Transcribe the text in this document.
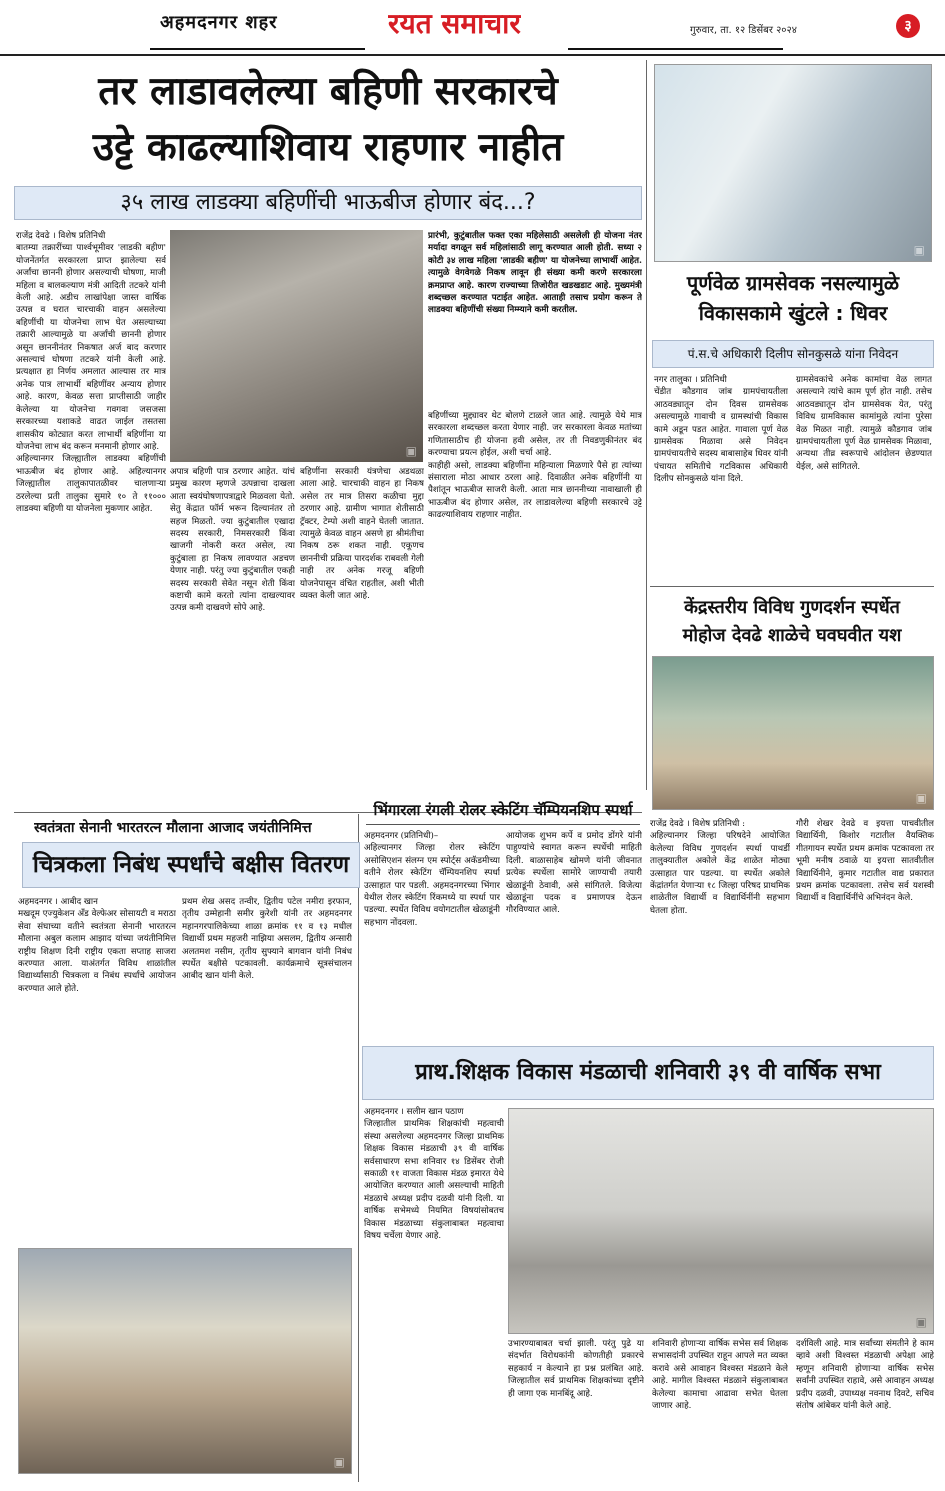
अहमदनगर शहर	रयत समाचार	गुरुवार, ता. १२ डिसेंबर २०२४	३
तर लाडावलेल्या बहिणी सरकारचे
उट्टे काढल्याशिवाय राहणार नाहीत
३५ लाख लाडक्या बहिणींची भाऊबीज होणार बंद...?
राजेंद्र देवढे । विशेष प्रतिनिधी
बातम्या तक्रारींच्या पार्श्वभूमीवर 'लाडकी बहीण' योजनेंतर्गत सरकारला प्राप्त झालेल्या सर्व अर्जांचा छाननी होणार असल्याची घोषणा, माजी महिला व बालकल्याण मंत्री आदिती तटकरे यांनी केली आहे. अडीच लाखांपेक्षा जास्त वार्षिक उत्पन्न व घरात चारचाकी वाहन असलेल्या बहिणींची या योजनेचा लाभ घेत असल्याच्या तक्रारी आल्यामुळे या अर्जांची छाननी होणार असून छाननीनंतर निकषात अर्ज बाद करणार असल्याचं घोषणा तटकरे यांनी केली आहे. प्रत्यक्षात हा निर्णय अमलात आल्यास तर मात्र अनेक पात्र लाभार्थी बहिणींवर अन्याय होणार आहे. कारण, केवळ सत्ता प्राप्तीसाठी जाहीर केलेल्या या योजनेचा गवगवा जसजसा सरकारच्या यशाकडे वाढत जाईल तसतसा शासकीय कोट्यात करत लाभार्थी बहिणींना या योजनेचा लाभ बंद करून मनमानी होणार आहे.
अहिल्यानगर जिल्ह्यातील लाडक्या बहिणींची भाऊबीज बंद होणार आहे. अहिल्यानगर जिल्ह्यातील तालुकापातळीवर चालणाऱ्या ठरलेल्या प्रती तालुका सुमारे १० ते ११००० लाडक्या बहिणी या योजनेला मुकणार आहेत.
▣
अपात्र बहिणी पात्र ठरणार आहेत. यांचं प्रमुख कारण म्हणजे उत्पन्नाचा दाखला आता स्वयंघोषणापत्राद्वारे मिळवला येतो. सेतु केंद्रात फॉर्म भरून दिल्यानंतर तो सहज मिळतो. ज्या कुटुंबातील एखादा सदस्य सरकारी, निमसरकारी किंवा खाजगी नोकरी करत असेल, त्या कुटुंबाला हा निकष लावण्यात अडचण येणार नाही. परंतु ज्या कुटुंबातील एकही सदस्य सरकारी सेवेत नसून शेती किंवा कष्टाची कामे करतो त्यांना दाखल्यावर उत्पन्न कमी दाखवणे सोपे आहे.
बहिणींना सरकारी यंत्रणेचा अडथळा आला आहे. चारचाकी वाहन हा निकष असेल तर मात्र तिसरा कळीचा मुद्दा ठरणार आहे. ग्रामीण भागात शेतीसाठी ट्रॅक्टर, टेम्पो अशी वाहने घेतली जातात. त्यामुळे केवळ वाहन असणे हा श्रीमंतीचा निकष ठरू शकत नाही. एकूणच छाननीची प्रक्रिया पारदर्शक राबवली गेली नाही तर अनेक गरजू बहिणी योजनेपासून वंचित राहतील, अशी भीती व्यक्त केली जात आहे.
प्रारंभी, कुटुंबातील फक्त एका महिलेसाठी असलेली ही योजना नंतर मर्यादा वगळून सर्व महिलांसाठी लागू करण्यात आली होती. सध्या २ कोटी ३४ लाख महिला 'लाडकी बहीण' या योजनेच्या लाभार्थी आहेत. त्यामुळे वेगवेगळे निकष लावून ही संख्या कमी करणे सरकारला क्रमप्राप्त आहे. कारण राज्याच्या तिजोरीत खडखडाट आहे. मुख्यमंत्री शब्दच्छल करण्यात पटाईत आहेत. आताही तसाच प्रयोग करून ते लाडक्या बहिणींची संख्या निम्म्याने कमी करतील.
बहिणींच्या मुद्द्यावर थेट बोलणे टाळले जात आहे. त्यामुळे येथे मात्र सरकारला शब्दच्छल करता येणार नाही. जर सरकारला केवळ मतांच्या गणितासाठीच ही योजना हवी असेल, तर ती निवडणुकीनंतर बंद करण्याचा प्रयत्न होईल, अशी चर्चा आहे.
काहीही असो, लाडक्या बहिणींना महिन्याला मिळणारे पैसे हा त्यांच्या संसाराला मोठा आधार ठरला आहे. दिवाळीत अनेक बहिणींनी या पैशांतून भाऊबीज साजरी केली. आता मात्र छाननीच्या नावाखाली ही भाऊबीज बंद होणार असेल, तर लाडावलेल्या बहिणी सरकारचे उट्टे काढल्याशिवाय राहणार नाहीत.
▣
पूर्णवेळ ग्रामसेवक नसल्यामुळे
विकासकामे खुंटले : धिवर
पं.स.चे अधिकारी दिलीप सोनकुसळे यांना निवेदन
नगर तालुका । प्रतिनिधी
चेंडीत कौडगाव जांब ग्रामपंचायतीला आठवड्यातून दोन दिवस ग्रामसेवक असल्यामुळे गावाची व ग्रामस्थांची विकास कामे अडून पडत आहेत. गावाला पूर्ण वेळ ग्रामसेवक मिळावा असे निवेदन ग्रामपंचायतीचे सदस्य बाबासाहेब धिवर यांनी पंचायत समितीचे गटविकास अधिकारी दिलीप सोनकुसळे यांना दिले.
ग्रामसेवकांचे अनेक कामांचा वेळ लागत असल्याने त्यांचे काम पूर्ण होत नाही. तसेच आठवड्यातून दोन ग्रामसेवक येत, परंतु विविध ग्रामविकास कामांमुळे त्यांना पुरेसा वेळ मिळत नाही. त्यामुळे कौडगाव जांब ग्रामपंचायतीला पूर्ण वेळ ग्रामसेवक मिळावा, अन्यथा तीव्र स्वरूपाचे आंदोलन छेडण्यात येईल, असे सांगितले.
केंद्रस्तरीय विविध गुणदर्शन स्पर्धेत
मोहोज देवढे शाळेचे घवघवीत यश
▣
राजेंद्र देवढे । विशेष प्रतिनिधी :
अहिल्यानगर जिल्हा परिषदेने आयोजित केलेल्या विविध गुणदर्शन स्पर्धा पाथर्डी तालुक्यातील अकोले केंद्र शाळेत मोठ्या उत्साहात पार पडल्या. या स्पर्धेत अकोले केंद्रांतर्गत येणाऱ्या १८ जिल्हा परिषद प्राथमिक शाळेतील विद्यार्थी व विद्यार्थिनींनी सहभाग घेतला होता.
गौरी शेखर देवढे व इयत्ता पाचवीतील विद्यार्थिनी, किशोर गटातील वैयक्तिक गीतगायन स्पर्धेत प्रथम क्रमांक पटकावला तर भूमी मनीष ठवाळे या इयत्ता सातवीतील विद्यार्थिनीने, कुमार गटातील वाद्य प्रकारात प्रथम क्रमांक पटकावला. तसेच सर्व यशस्वी विद्यार्थी व विद्यार्थिनींचे अभिनंदन केले.
स्वतंत्रता सेनानी भारतरत्न मौलाना आजाद जयंतीनिमित्त
चित्रकला निबंध स्पर्धांचे बक्षीस वितरण
अहमदनगर । आबीद खान
मखदूम एज्युकेशन अँड वेल्फेअर सोसायटी व मराठा सेवा संघाच्या वतीने स्वतंत्रता सेनानी भारतरत्न मौलाना अबुल कलाम आझाद यांच्या जयंतीनिमित्त राष्ट्रीय शिक्षण दिनी राष्ट्रीय एकता सप्ताह साजरा करण्यात आला. याअंतर्गत विविध शाळांतील विद्यार्थ्यांसाठी चित्रकला व निबंध स्पर्धांचे आयोजन करण्यात आले होते.
प्रथम शेख असद तन्वीर, द्वितीय पटेल नमीरा इरफान, तृतीय उम्मेहानी समीर कुरेशी यांनी तर अहमदनगर महानगरपालिकेच्या शाळा क्रमांक ११ व १३ मधील विद्यार्थी प्रथम महजरी नाझिया असलम, द्वितीय अन्सारी अलतमश नसीम, तृतीय सुफ्याने बागवान यांनी निबंध स्पर्धेत बक्षीसे पटकावली. कार्यक्रमाचे सूत्रसंचालन आबीद खान यांनी केले.
▣
भिंगारला रंगली रोलर स्केटिंग चॅम्पियनशिप स्पर्धा
अहमदनगर (प्रतिनिधी)–
अहिल्यानगर जिल्हा रोलर स्केटिंग असोसिएशन संलग्न एम स्पोर्ट्स अकॅडमीच्या वतीने रोलर स्केटिंग चॅम्पियनशिप स्पर्धा उत्साहात पार पडली. अहमदनगरच्या भिंगार येथील रोलर स्केटिंग रिंकमध्ये या स्पर्धा पार पडल्या. स्पर्धेत विविध वयोगटातील खेळाडूंनी सहभाग नोंदवला.
आयोजक शुभम कर्पे व प्रमोद डोंगरे यांनी पाहुण्यांचे स्वागत करून स्पर्धेची माहिती दिली. बाळासाहेब खोमणे यांनी जीवनात प्रत्येक स्पर्धेला सामोरे जाण्याची तयारी खेळाडूंनी ठेवावी, असे सांगितले. विजेत्या खेळाडूंना पदक व प्रमाणपत्र देऊन गौरविण्यात आले.
प्राथ.शिक्षक विकास मंडळाची शनिवारी ३९ वी वार्षिक सभा
अहमदनगर । सलीम खान पठाण
जिल्हातील प्राथमिक शिक्षकांची महत्वाची संस्था असलेल्या अहमदनगर जिल्हा प्राथमिक शिक्षक विकास मंडळाची ३९ वी वार्षिक सर्वसाधारण सभा शनिवार १४ डिसेंबर रोजी सकाळी ११ वाजता विकास मंडळ इमारत येथे आयोजित करण्यात आली असल्याची माहिती मंडळाचे अध्यक्ष प्रदीप दळवी यांनी दिली. या वार्षिक सभेमध्ये नियमित विषयांसोबतच विकास मंडळाच्या संकुलाबाबत महत्वाचा विषय चर्चेला येणार आहे.
▣
उभारण्याबाबत चर्चा झाली. परंतु पुढे या संदर्भात विरोधकांनी कोणतीही प्रकारचे सहकार्य न केल्याने हा प्रश्न प्रलंबित आहे. जिल्हातील सर्व प्राथमिक शिक्षकांच्या दृष्टीने ही जागा एक मानबिंदू आहे.
शनिवारी होणाऱ्या वार्षिक सभेस सर्व शिक्षक सभासदांनी उपस्थित राहून आपले मत व्यक्त करावे असे आवाहन विश्वस्त मंडळाने केले आहे. मागील विश्वस्त मंडळाने संकुलाबाबत केलेल्या कामाचा आढावा सभेत घेतला जाणार आहे.
दर्शविली आहे. मात्र सर्वांच्या संमतीने हे काम व्हावे अशी विश्वस्त मंडळाची अपेक्षा आहे म्हणून शनिवारी होणाऱ्या वार्षिक सभेस सर्वांनी उपस्थित राहावे, असे आवाहन अध्यक्ष प्रदीप दळवी, उपाध्यक्ष नवनाथ दिवटे, सचिव संतोष आंबेकर यांनी केले आहे.
